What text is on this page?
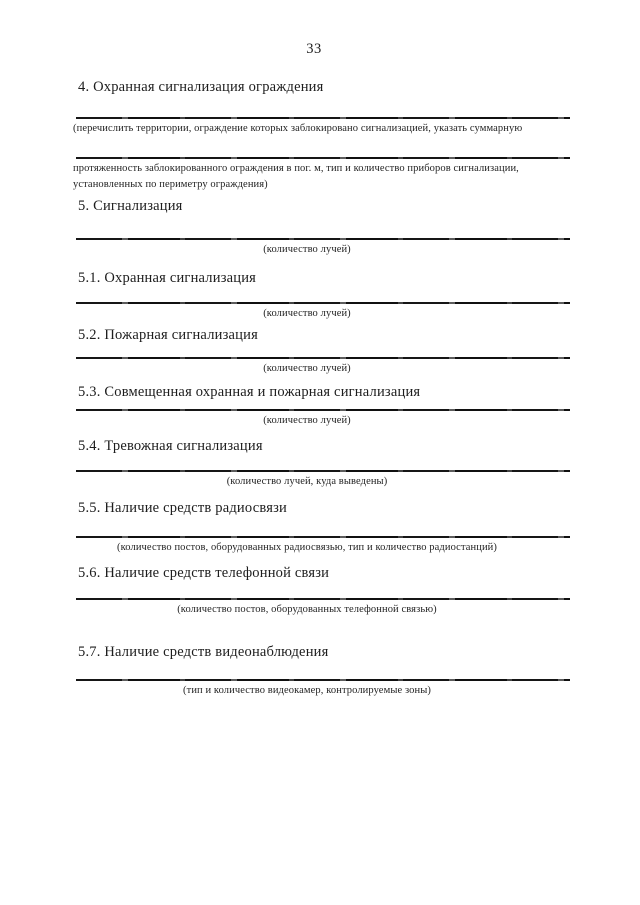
33
4. Охранная сигнализация ограждения
(перечислить территории, ограждение которых заблокировано сигнализацией, указать суммарную
протяженность заблокированного ограждения в пог. м, тип и количество приборов сигнализации,
установленных по периметру ограждения)
5. Сигнализация
(количество лучей)
5.1. Охранная сигнализация
(количество лучей)
5.2. Пожарная сигнализация
(количество лучей)
5.3. Совмещенная охранная и пожарная сигнализация
(количество лучей)
5.4. Тревожная сигнализация
(количество лучей, куда выведены)
5.5. Наличие средств радиосвязи
(количество постов, оборудованных радиосвязью, тип и количество радиостанций)
5.6. Наличие средств телефонной связи
(количество постов, оборудованных телефонной связью)
5.7. Наличие средств видеонаблюдения
(тип и количество видеокамер, контролируемые зоны)
